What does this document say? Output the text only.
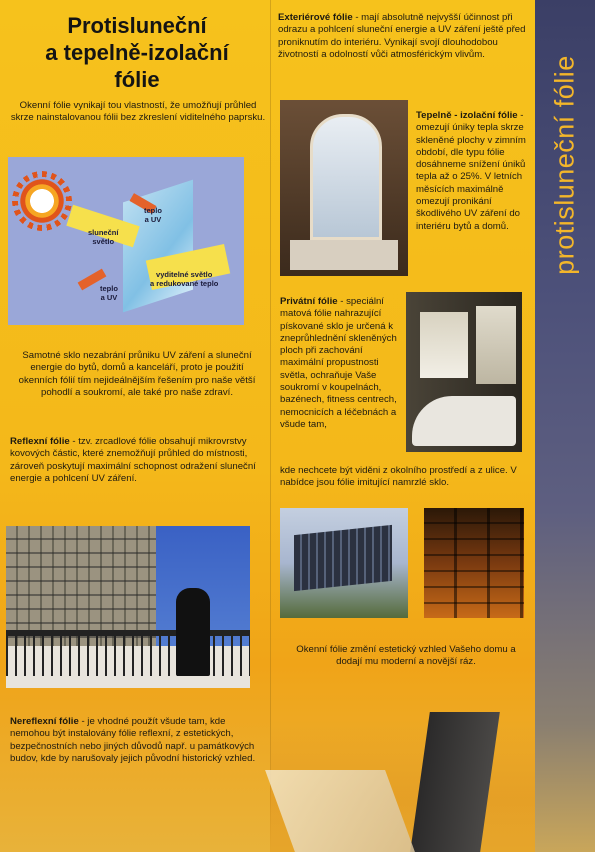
protisluneční fólie
Protisluneční
a tepelně-izolační
fólie
Okenní fólie vynikají tou vlastností, že umožňují průhled skrze nainstalovanou fólii bez zkreslení viditelného paprsku.
teplo
a UV
sluneční
světlo
teplo
a UV
vyditelné světlo
a redukované teplo
Samotné sklo nezabrání průniku UV záření a sluneční energie do bytů, domů a kanceláří, proto je použití okenních fólií tím nejideálnějším řešením pro naše větší pohodlí a soukromí, ale také pro naše zdraví.
Reflexní fólie - tzv. zrcadlové fólie obsahují mikrovrstvy kovových částic, které znemožňují průhled do místnosti, zároveň poskytují maximální schopnost odražení sluneční energie a pohlcení UV záření.
Nereflexní fólie - je vhodné použít všude tam, kde nemohou být instalovány fólie reflexní, z estetických, bezpečnostních nebo jiných důvodů např. u památkových budov, kde by narušovaly jejich původní historický vzhled.
Exteriérové fólie - mají absolutně nejvyšší účinnost při odrazu a pohlcení sluneční energie a UV záření ještě před proniknutím do interiéru. Vynikají svojí dlouhodobou životností a odolností vůči atmosférickým vlivům.
Tepelně - izolační fólie - omezují úniky tepla skrze skleněné plochy v zimním období, dle typu fólie dosáhneme snížení úniků tepla až o 25%. V letních měsících maximálně omezují pronikání škodlivého UV záření do interiéru bytů a domů.
Privátní fólie - speciální matová fólie nahrazující pískované sklo je určená k zneprůhlednění skleněných ploch při zachování maximální propustnosti světla, ochraňuje Vaše soukromí v koupelnách, bazénech, fitness centrech, nemocnicích a léčebnách a všude tam,
kde nechcete být viděni z okolního prostředí a z ulice. V nabídce jsou fólie imitující namrzlé sklo.
Okenní fólie změní estetický vzhled Vašeho domu a dodají mu moderní a novější ráz.
